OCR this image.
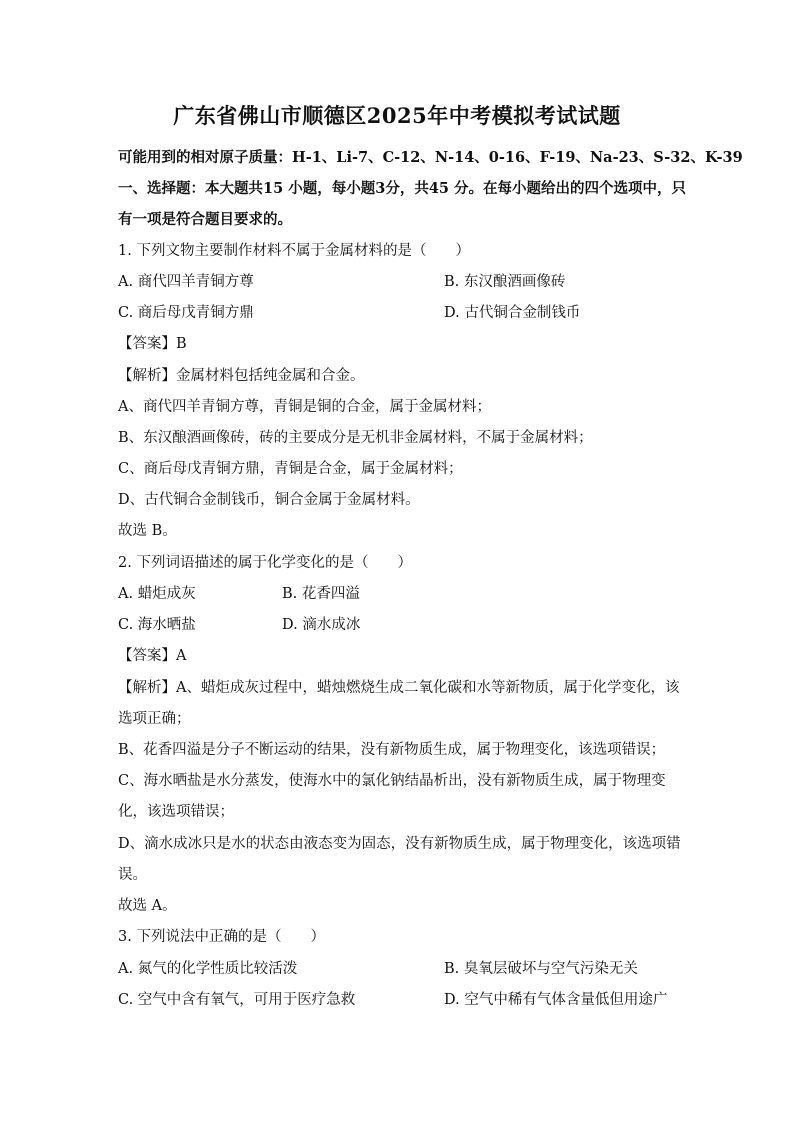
广东省佛山市顺德区2025年中考模拟考试试题
可能用到的相对原子质量：H-1、Li-7、C-12、N-14、0-16、F-19、Na-23、S-32、K-39
一、选择题：本大题共15 小题，每小题3分，共45 分。在每小题给出的四个选项中，只
有一项是符合题目要求的。
1. 下列文物主要制作材料不属于金属材料的是（　　）
A. 商代四羊青铜方尊	B. 东汉酿酒画像砖
C. 商后母戊青铜方鼎	D. 古代铜合金制钱币
【答案】B
【解析】金属材料包括纯金属和合金。
A、商代四羊青铜方尊，青铜是铜的合金，属于金属材料；
B、东汉酿酒画像砖，砖的主要成分是无机非金属材料，不属于金属材料；
C、商后母戊青铜方鼎，青铜是合金，属于金属材料；
D、古代铜合金制钱币，铜合金属于金属材料。
故选 B。
2. 下列词语描述的属于化学变化的是（　　）
A. 蜡炬成灰	B. 花香四溢
C. 海水晒盐	D. 滴水成冰
【答案】A
【解析】A、蜡炬成灰过程中，蜡烛燃烧生成二氧化碳和水等新物质，属于化学变化，该
选项正确；
B、花香四溢是分子不断运动的结果，没有新物质生成，属于物理变化，该选项错误；
C、海水晒盐是水分蒸发，使海水中的氯化钠结晶析出，没有新物质生成，属于物理变
化，该选项错误；
D、滴水成冰只是水的状态由液态变为固态，没有新物质生成，属于物理变化，该选项错
误。
故选 A。
3. 下列说法中正确的是（　　）
A. 氮气的化学性质比较活泼	B. 臭氧层破坏与空气污染无关
C. 空气中含有氧气，可用于医疗急救	D. 空气中稀有气体含量低但用途广
